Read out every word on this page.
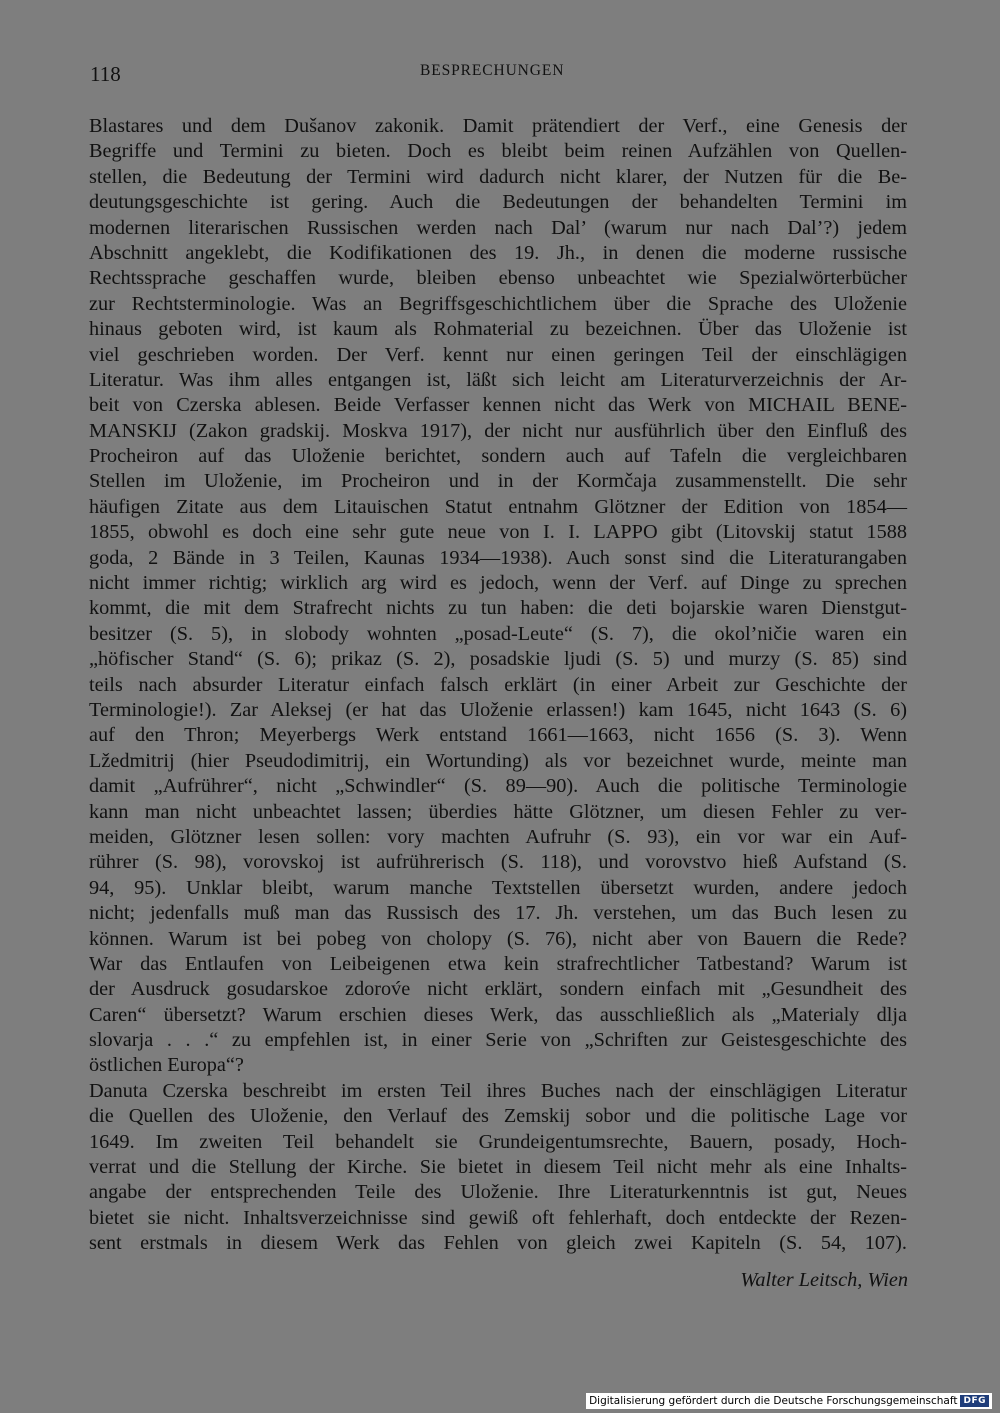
118	BESPRECHUNGEN
Blastares und dem Dušanov zakonik. Damit prätendiert der Verf., eine Genesis der
Begriffe und Termini zu bieten. Doch es bleibt beim reinen Aufzählen von Quellen-
stellen, die Bedeutung der Termini wird dadurch nicht klarer, der Nutzen für die Be-
deutungsgeschichte ist gering. Auch die Bedeutungen der behandelten Termini im
modernen literarischen Russischen werden nach Dal’ (warum nur nach Dal’?) jedem
Abschnitt angeklebt, die Kodifikationen des 19. Jh., in denen die moderne russische
Rechtssprache geschaffen wurde, bleiben ebenso unbeachtet wie Spezialwörterbücher
zur Rechtsterminologie. Was an Begriffsgeschichtlichem über die Sprache des Uloženie
hinaus geboten wird, ist kaum als Rohmaterial zu bezeichnen. Über das Uloženie ist
viel geschrieben worden. Der Verf. kennt nur einen geringen Teil der einschlägigen
Literatur. Was ihm alles entgangen ist, läßt sich leicht am Literaturverzeichnis der Ar-
beit von Czerska ablesen. Beide Verfasser kennen nicht das Werk von MICHAIL BENE-
MANSKIJ (Zakon gradskij. Moskva 1917), der nicht nur ausführlich über den Einfluß des
Procheiron auf das Uloženie berichtet, sondern auch auf Tafeln die vergleichbaren
Stellen im Uloženie, im Procheiron und in der Kormčaja zusammenstellt. Die sehr
häufigen Zitate aus dem Litauischen Statut entnahm Glötzner der Edition von 1854—
1855, obwohl es doch eine sehr gute neue von I. I. LAPPO gibt (Litovskij statut 1588
goda, 2 Bände in 3 Teilen, Kaunas 1934—1938). Auch sonst sind die Literaturangaben
nicht immer richtig; wirklich arg wird es jedoch, wenn der Verf. auf Dinge zu sprechen
kommt, die mit dem Strafrecht nichts zu tun haben: die deti bojarskie waren Dienstgut-
besitzer (S. 5), in slobody wohnten „posad-Leute“ (S. 7), die okol’ničie waren ein
„höfischer Stand“ (S. 6); prikaz (S. 2), posadskie ljudi (S. 5) und murzy (S. 85) sind
teils nach absurder Literatur einfach falsch erklärt (in einer Arbeit zur Geschichte der
Terminologie!). Zar Aleksej (er hat das Uloženie erlassen!) kam 1645, nicht 1643 (S. 6)
auf den Thron; Meyerbergs Werk entstand 1661—1663, nicht 1656 (S. 3). Wenn
Lžedmitrij (hier Pseudodimitrij, ein Wortunding) als vor bezeichnet wurde, meinte man
damit „Aufrührer“, nicht „Schwindler“ (S. 89—90). Auch die politische Terminologie
kann man nicht unbeachtet lassen; überdies hätte Glötzner, um diesen Fehler zu ver-
meiden, Glötzner lesen sollen: vory machten Aufruhr (S. 93), ein vor war ein Auf-
rührer (S. 98), vorovskoj ist aufrührerisch (S. 118), und vorovstvo hieß Aufstand (S.
94, 95). Unklar bleibt, warum manche Textstellen übersetzt wurden, andere jedoch
nicht; jedenfalls muß man das Russisch des 17. Jh. verstehen, um das Buch lesen zu
können. Warum ist bei pobeg von cholopy (S. 76), nicht aber von Bauern die Rede?
War das Entlaufen von Leibeigenen etwa kein strafrechtlicher Tatbestand? Warum ist
der Ausdruck gosudarskoe zdorov́e nicht erklärt, sondern einfach mit „Gesundheit des
Caren“ übersetzt? Warum erschien dieses Werk, das ausschließlich als „Materialy dlja
slovarja . . .“ zu empfehlen ist, in einer Serie von „Schriften zur Geistesgeschichte des
östlichen Europa“?
Danuta Czerska beschreibt im ersten Teil ihres Buches nach der einschlägigen Literatur
die Quellen des Uloženie, den Verlauf des Zemskij sobor und die politische Lage vor
1649. Im zweiten Teil behandelt sie Grundeigentumsrechte, Bauern, posady, Hoch-
verrat und die Stellung der Kirche. Sie bietet in diesem Teil nicht mehr als eine Inhalts-
angabe der entsprechenden Teile des Uloženie. Ihre Literaturkenntnis ist gut, Neues
bietet sie nicht. Inhaltsverzeichnisse sind gewiß oft fehlerhaft, doch entdeckte der Rezen-
sent erstmals in diesem Werk das Fehlen von gleich zwei Kapiteln (S. 54, 107).
Walter Leitsch, Wien
Digitalisierung gefördert durch die Deutsche Forschungsgemeinschaft DFG
